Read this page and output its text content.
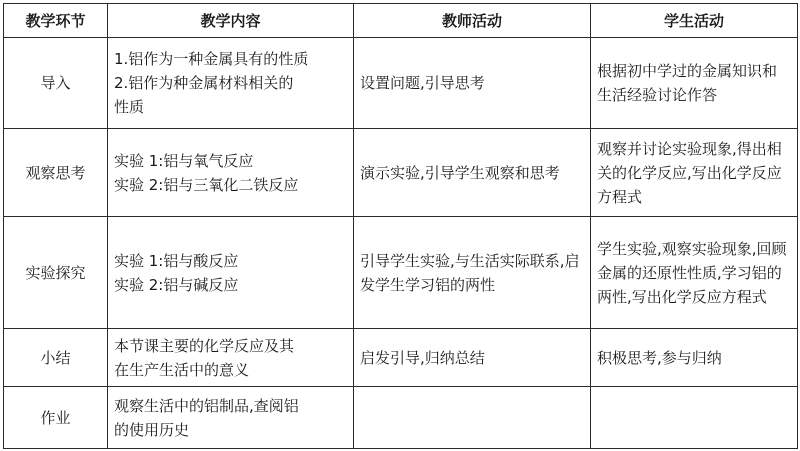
教学环节	教学内容	教师活动	学生活动
导入	1.铝作为一种金属具有的性质
2.铝作为种金属材料相关的
性质	设置问题,引导思考	根据初中学过的金属知识和生活经验讨论作答

观察思考	实验 1:铝与氧气反应
实验 2:铝与三氧化二铁反应	演示实验,引导学生观察和思考	观察并讨论实验现象,得出相关的化学反应,写出化学反应方程式

实验探究	实验 1:铝与酸反应
实验 2:铝与碱反应	引导学生实验,与生活实际联系,启发学生学习铝的两性	学生实验,观察实验现象,回顾金属的还原性性质,学习铝的两性,写出化学反应方程式

小结	本节课主要的化学反应及其
在生产生活中的意义	启发引导,归纳总结	积极思考,参与归纳

作业	观察生活中的铝制品,查阅铝
的使用历史		
